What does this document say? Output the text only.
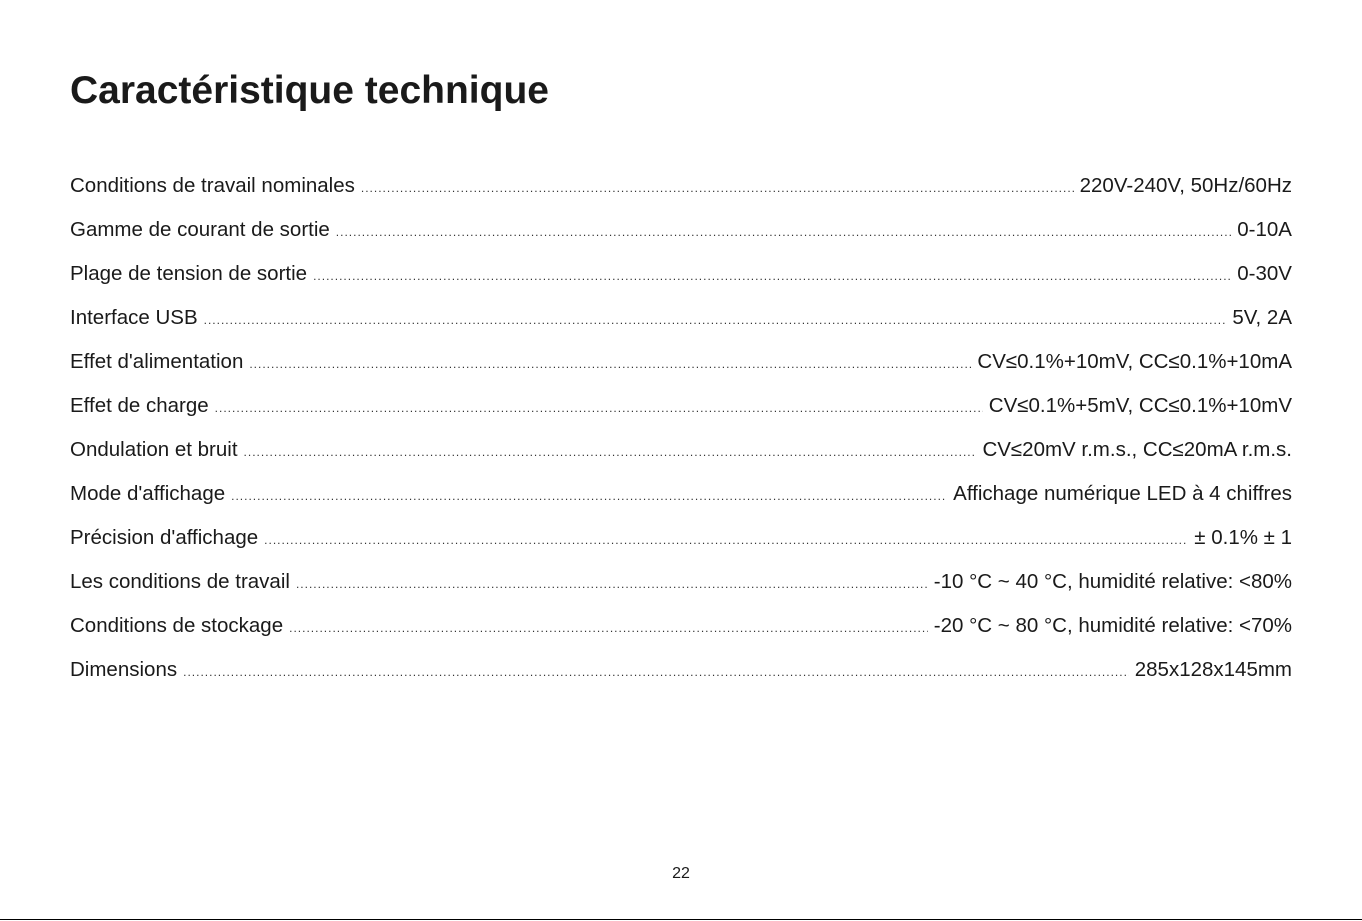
Caractéristique technique
Conditions de travail nominales .....	220V-240V, 50Hz/60Hz
Gamme de courant de sortie .....	0-10A
Plage de tension de sortie .....	0-30V
Interface USB .....	5V, 2A
Effet d'alimentation .....	CV≤0.1%+10mV, CC≤0.1%+10mA
Effet de charge .....	CV≤0.1%+5mV, CC≤0.1%+10mV
Ondulation et bruit .....	CV≤20mV r.m.s., CC≤20mA r.m.s.
Mode d'affichage .....	Affichage numérique LED à 4 chiffres
Précision d'affichage .....	± 0.1% ± 1
Les conditions de travail .....	-10 °C ~ 40 °C, humidité relative: <80%
Conditions de stockage .....	-20 °C ~ 80 °C, humidité relative: <70%
Dimensions .....	285x128x145mm
22
